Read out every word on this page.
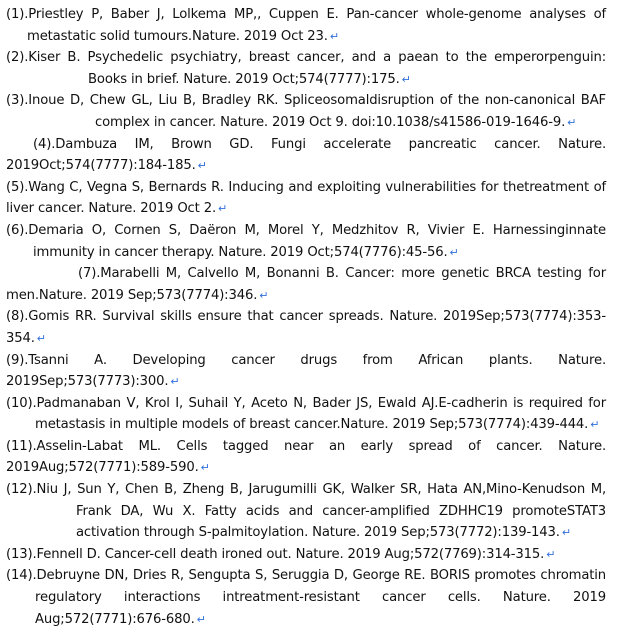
(1).Priestley P, Baber J, Lolkema MP,, Cuppen E. Pan-cancer whole-genome analyses of metastatic solid tumours.Nature. 2019 Oct 23. ↵

(2).Kiser B. Psychedelic psychiatry, breast cancer, and a paean to the emperorpenguin: Books in brief. Nature. 2019 Oct;574(7777):175. ↵

(3).Inoue D, Chew GL, Liu B, Bradley RK. Spliceosomaldisruption of the non-canonical BAF complex in cancer. Nature. 2019 Oct 9. doi:10.1038/s41586-019-1646-9. ↵

(4).Dambuza IM, Brown GD. Fungi accelerate pancreatic cancer. Nature. 2019Oct;574(7777):184-185. ↵

(5).Wang C, Vegna S, Bernards R. Inducing and exploiting vulnerabilities for thetreatment of liver cancer. Nature. 2019 Oct 2. ↵

(6).Demaria O, Cornen S, Daëron M, Morel Y, Medzhitov R, Vivier E. Harnessinginnate immunity in cancer therapy. Nature. 2019 Oct;574(7776):45-56. ↵

(7).Marabelli M, Calvello M, Bonanni B. Cancer: more genetic BRCA testing for men.Nature. 2019 Sep;573(7774):346. ↵

(8).Gomis RR. Survival skills ensure that cancer spreads. Nature. 2019Sep;573(7774):353-354. ↵

(9).Tsanni A. Developing cancer drugs from African plants. Nature. 2019Sep;573(7773):300. ↵

(10).Padmanaban V, Krol I, Suhail Y, Aceto N, Bader JS, Ewald AJ.E-cadherin is required for metastasis in multiple models of breast cancer.Nature. 2019 Sep;573(7774):439-444. ↵

(11).Asselin-Labat ML. Cells tagged near an early spread of cancer. Nature. 2019Aug;572(7771):589-590. ↵

(12).Niu J, Sun Y, Chen B, Zheng B, Jarugumilli GK, Walker SR, Hata AN,Mino-Kenudson M, Frank DA, Wu X. Fatty acids and cancer-amplified ZDHHC19 promoteSTAT3 activation through S-palmitoylation. Nature. 2019 Sep;573(7772):139-143. ↵

(13).Fennell D. Cancer-cell death ironed out. Nature. 2019 Aug;572(7769):314-315. ↵

(14).Debruyne DN, Dries R, Sengupta S, Seruggia D, George RE. BORIS promotes chromatin regulatory interactions intreatment-resistant cancer cells. Nature. 2019 Aug;572(7771):676-680. ↵
